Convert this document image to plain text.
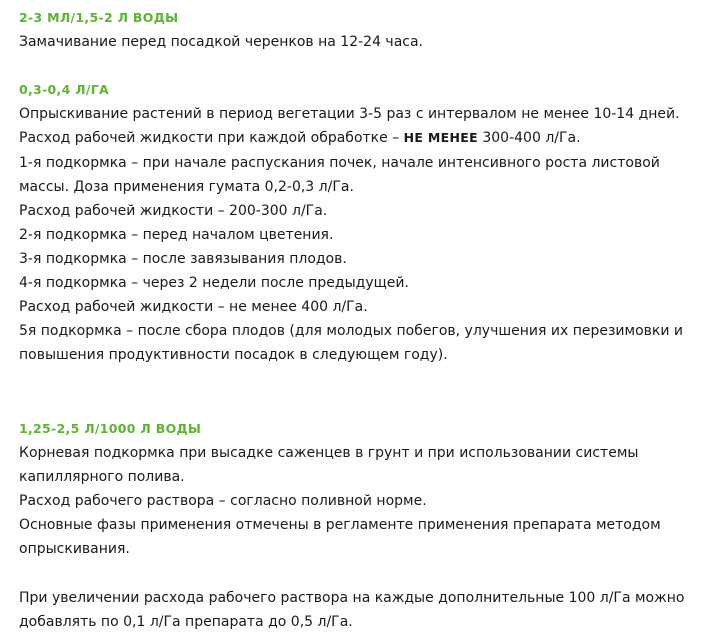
2-3 МЛ/1,5-2 Л ВОДЫ
Замачивание перед посадкой черенков на 12-24 часа.
0,3-0,4 Л/ГА
Опрыскивание растений в период вегетации 3-5 раз с интервалом не менее 10-14 дней.
Расход рабочей жидкости при каждой обработке – НЕ МЕНЕЕ 300-400 л/Га.
1-я подкормка – при начале распускания почек, начале интенсивного роста листовой
массы. Доза применения гумата 0,2-0,3 л/Га.
Расход рабочей жидкости – 200-300 л/Га.
2-я подкормка – перед началом цветения.
3-я подкормка – после завязывания плодов.
4-я подкормка – через 2 недели после предыдущей.
Расход рабочей жидкости – не менее 400 л/Га.
5я подкормка – после сбора плодов (для молодых побегов, улучшения их перезимовки и
повышения продуктивности посадок в следующем году).
1,25-2,5 Л/1000 Л ВОДЫ
Корневая подкормка при высадке саженцев в грунт и при использовании системы
капиллярного полива.
Расход рабочего раствора – согласно поливной норме.
Основные фазы применения отмечены в регламенте применения препарата методом
опрыскивания.
При увеличении расхода рабочего раствора на каждые дополнительные 100 л/Га можно
добавлять по 0,1 л/Га препарата до 0,5 л/Га.
